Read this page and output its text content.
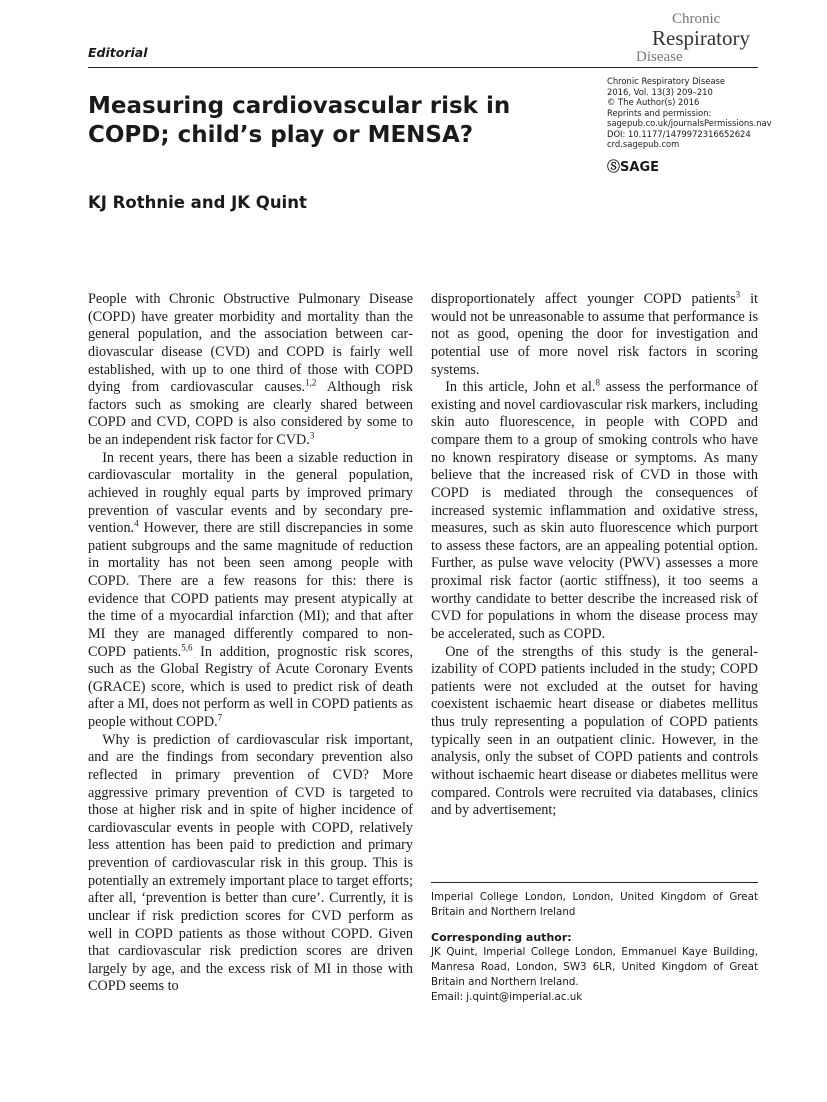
Editorial
Chronic
Respiratory
Disease
Chronic Respiratory Disease
2016, Vol. 13(3) 209–210
© The Author(s) 2016
Reprints and permission:
sagepub.co.uk/journalsPermissions.nav
DOI: 10.1177/1479972316652624
crd.sagepub.com
ⓈSAGE
Measuring cardiovascular risk in COPD; child’s play or MENSA?
KJ Rothnie and JK Quint

People with Chronic Obstructive Pulmonary Disease (COPD) have greater morbidity and mortality than the general population, and the association between cardiovascular disease (CVD) and COPD is fairly well established, with up to one third of those with COPD dying from cardiovascular causes.$^{1,2}$ Although risk factors such as smoking are clearly shared between COPD and CVD, COPD is also considered by some to be an independent risk factor for CVD.$^3$

In recent years, there has been a sizable reduction in cardiovascular mortality in the general population, achieved in roughly equal parts by improved primary prevention of vascular events and by secondary prevention.$^4$ However, there are still discrepancies in some patient subgroups and the same magnitude of reduction in mortality has not been seen among people with COPD. There are a few reasons for this: there is evidence that COPD patients may present atypically at the time of a myocardial infarction (MI); and that after MI they are managed differently compared to non-COPD patients.$^{5,6}$ In addition, prognostic risk scores, such as the Global Registry of Acute Coronary Events (GRACE) score, which is used to predict risk of death after a MI, does not perform as well in COPD patients as people without COPD.$^7$

Why is prediction of cardiovascular risk important, and are the findings from secondary prevention also reflected in primary prevention of CVD? More aggressive primary prevention of CVD is targeted to those at higher risk and in spite of higher incidence of cardiovascular events in people with COPD, relatively less attention has been paid to prediction and primary prevention of cardiovascular risk in this group. This is potentially an extremely important place to target efforts; after all, ‘prevention is better than cure’. Currently, it is unclear if risk prediction scores for CVD perform as well in COPD patients as those without COPD. Given that cardiovascular risk prediction scores are driven largely by age, and the excess risk of MI in those with COPD seems to

disproportionately affect younger COPD patients$^3$ it would not be unreasonable to assume that performance is not as good, opening the door for investigation and potential use of more novel risk factors in scoring systems.

In this article, John et al.$^8$ assess the performance of existing and novel cardiovascular risk markers, including skin auto fluorescence, in people with COPD and compare them to a group of smoking controls who have no known respiratory disease or symptoms. As many believe that the increased risk of CVD in those with COPD is mediated through the consequences of increased systemic inflammation and oxidative stress, measures, such as skin auto fluorescence which purport to assess these factors, are an appealing potential option. Further, as pulse wave velocity (PWV) assesses a more proximal risk factor (aortic stiffness), it too seems a worthy candidate to better describe the increased risk of CVD for populations in whom the disease process may be accelerated, such as COPD.

One of the strengths of this study is the generalizability of COPD patients included in the study; COPD patients were not excluded at the outset for having coexistent ischaemic heart disease or diabetes mellitus thus truly representing a population of COPD patients typically seen in an outpatient clinic. However, in the analysis, only the subset of COPD patients and controls without ischaemic heart disease or diabetes mellitus were compared. Controls were recruited via databases, clinics and by advertisement;

Imperial College London, London, United Kingdom of Great Britain and Northern Ireland

Corresponding author:
JK Quint, Imperial College London, Emmanuel Kaye Building, Manresa Road, London, SW3 6LR, United Kingdom of Great Britain and Northern Ireland.
Email: j.quint@imperial.ac.uk
